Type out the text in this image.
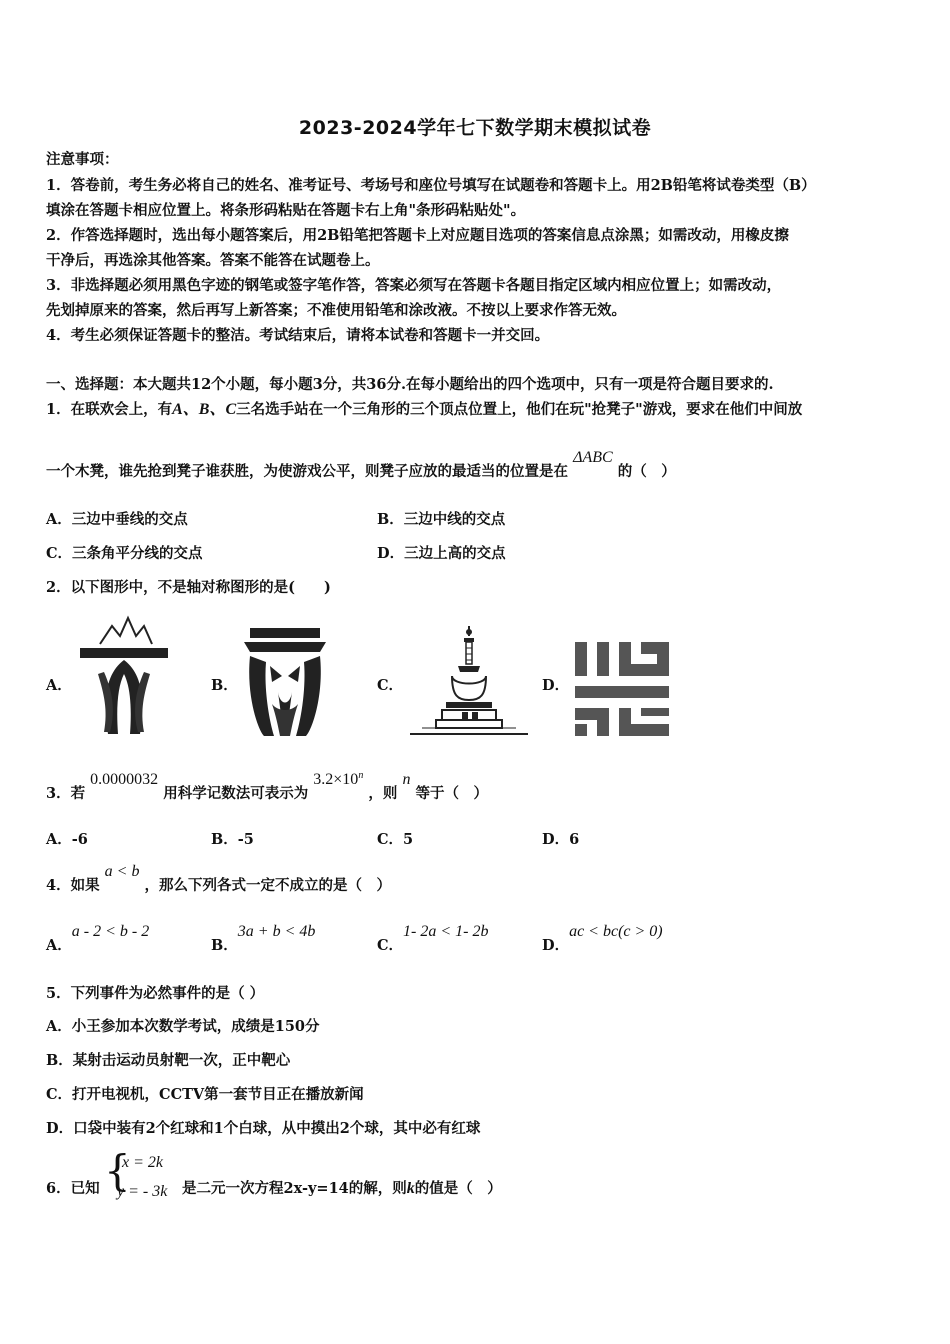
2023-2024学年七下数学期末模拟试卷
注意事项：
1．答卷前，考生务必将自己的姓名、准考证号、考场号和座位号填写在试题卷和答题卡上。用2B铅笔将试卷类型（B）
填涂在答题卡相应位置上。将条形码粘贴在答题卡右上角"条形码粘贴处"。
2．作答选择题时，选出每小题答案后，用2B铅笔把答题卡上对应题目选项的答案信息点涂黑；如需改动，用橡皮擦
干净后，再选涂其他答案。答案不能答在试题卷上。
3．非选择题必须用黑色字迹的钢笔或签字笔作答，答案必须写在答题卡各题目指定区域内相应位置上；如需改动，
先划掉原来的答案，然后再写上新答案；不准使用铅笔和涂改液。不按以上要求作答无效。
4．考生必须保证答题卡的整洁。考试结束后，请将本试卷和答题卡一并交回。
一、选择题：本大题共12个小题，每小题3分，共36分.在每小题给出的四个选项中，只有一项是符合题目要求的.
1．在联欢会上，有A、B、C三名选手站在一个三角形的三个顶点位置上，他们在玩"抢凳子"游戏，要求在他们中间放
一个木凳，谁先抢到凳子谁获胜，为使游戏公平，则凳子应放的最适当的位置是在 ΔABC 的（　）
A．三边中垂线的交点	B．三边中线的交点
C．三条角平分线的交点	D．三边上高的交点
2．以下图形中，不是轴对称图形的是(　　)
A．	B．	C．	D．
3．若 0.0000032 用科学记数法可表示为 $3.2\times 10^n$ ，则 n 等于（　）
A．-6	B．-5	C．5	D．6
4．如果 a < b ，那么下列各式一定不成立的是（　）
A．a - 2 < b - 2
B．3a + b < 4b
C．1- 2a < 1- 2b
D．ac < bc(c > 0)
5．下列事件为必然事件的是（ ）
A．小王参加本次数学考试，成绩是150分
B．某射击运动员射靶一次，正中靶心
C．打开电视机，CCTV第一套节目正在播放新闻
D．口袋中装有2个红球和1个白球，从中摸出2个球，其中必有红球
6．已知 {
x = 2k
y = - 3k 是二元一次方程2x-y=14的解，则k的值是（　）
